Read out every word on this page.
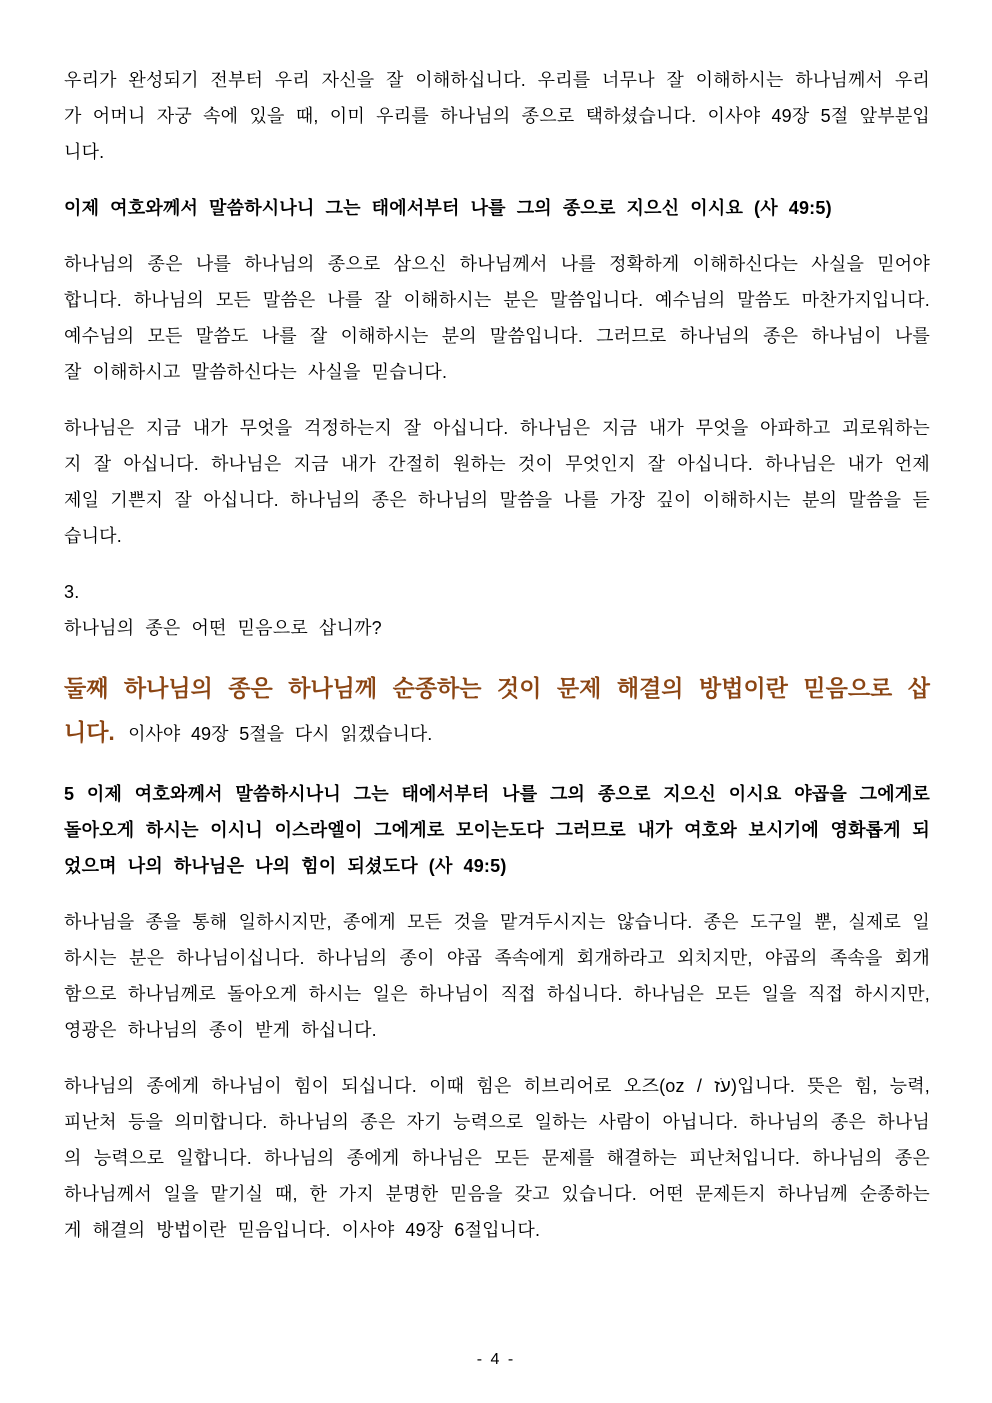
우리가 완성되기 전부터 우리 자신을 잘 이해하십니다. 우리를 너무나 잘 이해하시는 하나님께서 우리가 어머니 자궁 속에 있을 때, 이미 우리를 하나님의 종으로 택하셨습니다. 이사야 49장 5절 앞부분입니다.

이제 여호와께서 말씀하시나니 그는 태에서부터 나를 그의 종으로 지으신 이시요 (사 49:5)

하나님의 종은 나를 하나님의 종으로 삼으신 하나님께서 나를 정확하게 이해하신다는 사실을 믿어야 합니다. 하나님의 모든 말씀은 나를 잘 이해하시는 분은 말씀입니다. 예수님의 말씀도 마찬가지입니다. 예수님의 모든 말씀도 나를 잘 이해하시는 분의 말씀입니다. 그러므로 하나님의 종은 하나님이 나를 잘 이해하시고 말씀하신다는 사실을 믿습니다.

하나님은 지금 내가 무엇을 걱정하는지 잘 아십니다. 하나님은 지금 내가 무엇을 아파하고 괴로워하는지 잘 아십니다. 하나님은 지금 내가 간절히 원하는 것이 무엇인지 잘 아십니다. 하나님은 내가 언제 제일 기쁜지 잘 아십니다. 하나님의 종은 하나님의 말씀을 나를 가장 깊이 이해하시는 분의 말씀을 듣습니다.

3.

하나님의 종은 어떤 믿음으로 삽니까?

둘째 하나님의 종은 하나님께 순종하는 것이 문제 해결의 방법이란 믿음으로 삽니다. 이사야 49장 5절을 다시 읽겠습니다.

5 이제 여호와께서 말씀하시나니 그는 태에서부터 나를 그의 종으로 지으신 이시요 야곱을 그에게로 돌아오게 하시는 이시니 이스라엘이 그에게로 모이는도다 그러므로 내가 여호와 보시기에 영화롭게 되었으며 나의 하나님은 나의 힘이 되셨도다 (사 49:5)

하나님을 종을 통해 일하시지만, 종에게 모든 것을 맡겨두시지는 않습니다. 종은 도구일 뿐, 실제로 일하시는 분은 하나님이십니다. 하나님의 종이 야곱 족속에게 회개하라고 외치지만, 야곱의 족속을 회개함으로 하나님께로 돌아오게 하시는 일은 하나님이 직접 하십니다. 하나님은 모든 일을 직접 하시지만, 영광은 하나님의 종이 받게 하십니다.

하나님의 종에게 하나님이 힘이 되십니다. 이때 힘은 히브리어로 오즈(oz / עֹז)입니다. 뜻은 힘, 능력, 피난처 등을 의미합니다. 하나님의 종은 자기 능력으로 일하는 사람이 아닙니다. 하나님의 종은 하나님의 능력으로 일합니다. 하나님의 종에게 하나님은 모든 문제를 해결하는 피난처입니다. 하나님의 종은 하나님께서 일을 맡기실 때, 한 가지 분명한 믿음을 갖고 있습니다. 어떤 문제든지 하나님께 순종하는 게 해결의 방법이란 믿음입니다. 이사야 49장 6절입니다.

- 4 -
